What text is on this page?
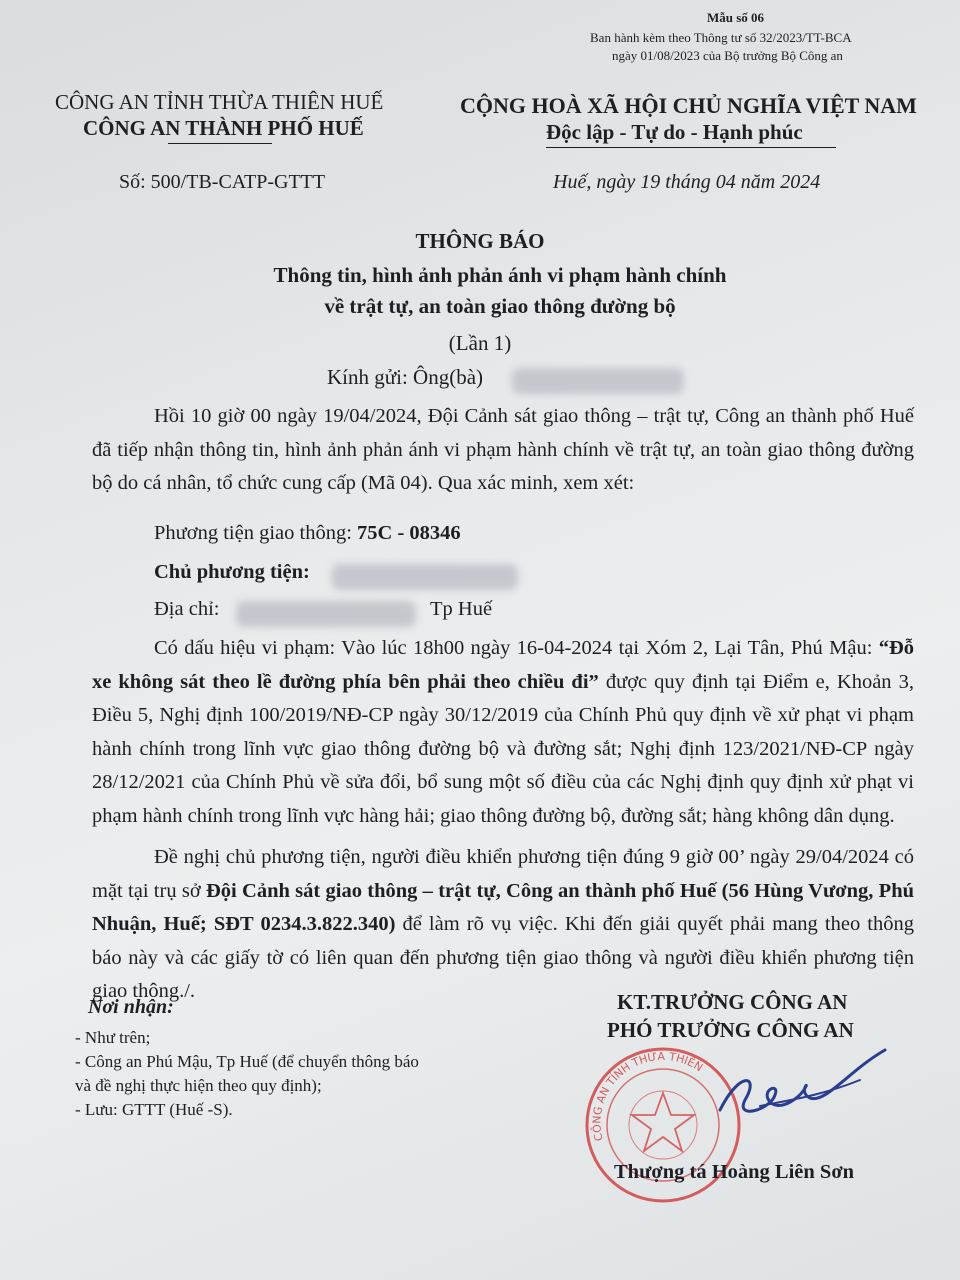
Mẫu số 06
Ban hành kèm theo Thông tư số 32/2023/TT-BCA
ngày 01/08/2023 của Bộ trưởng Bộ Công an
CÔNG AN TỈNH THỪA THIÊN HUẾ
CÔNG AN THÀNH PHỐ HUẾ
CỘNG HOÀ XÃ HỘI CHỦ NGHĨA VIỆT NAM
Độc lập - Tự do - Hạnh phúc
Số: 500/TB-CATP-GTTT	Huế, ngày 19 tháng 04 năm 2024
THÔNG BÁO
Thông tin, hình ảnh phản ánh vi phạm hành chính
về trật tự, an toàn giao thông đường bộ
(Lần 1)
Kính gửi: Ông(bà)
Hồi 10 giờ 00 ngày 19/04/2024, Đội Cảnh sát giao thông – trật tự, Công an thành phố Huế đã tiếp nhận thông tin, hình ảnh phản ánh vi phạm hành chính về trật tự, an toàn giao thông đường bộ do cá nhân, tổ chức cung cấp (Mã 04). Qua xác minh, xem xét:
Phương tiện giao thông: 75C - 08346
Chủ phương tiện:
Địa chỉ:	Tp Huế
Có dấu hiệu vi phạm: Vào lúc 18h00 ngày 16-04-2024 tại Xóm 2, Lại Tân, Phú Mậu: “Đỗ xe không sát theo lề đường phía bên phải theo chiều đi” được quy định tại Điểm e, Khoản 3, Điều 5, Nghị định 100/2019/NĐ-CP ngày 30/12/2019 của Chính Phủ quy định về xử phạt vi phạm hành chính trong lĩnh vực giao thông đường bộ và đường sắt; Nghị định 123/2021/NĐ-CP ngày 28/12/2021 của Chính Phủ về sửa đổi, bổ sung một số điều của các Nghị định quy định xử phạt vi phạm hành chính trong lĩnh vực hàng hải; giao thông đường bộ, đường sắt; hàng không dân dụng.
Đề nghị chủ phương tiện, người điều khiển phương tiện đúng 9 giờ 00’ ngày 29/04/2024 có mặt tại trụ sở Đội Cảnh sát giao thông – trật tự, Công an thành phố Huế (56 Hùng Vương, Phú Nhuận, Huế; SĐT 0234.3.822.340) để làm rõ vụ việc. Khi đến giải quyết phải mang theo thông báo này và các giấy tờ có liên quan đến phương tiện giao thông và người điều khiển phương tiện giao thông./.
Nơi nhận:
- Như trên;
- Công an Phú Mậu, Tp Huế (để chuyển thông báo
và đề nghị thực hiện theo quy định);
- Lưu: GTTT (Huế -S).
KT.TRƯỞNG CÔNG AN
PHÓ TRƯỞNG CÔNG AN
CÔNG AN TỈNH THỪA THIÊN
Thượng tá Hoàng Liên Sơn
